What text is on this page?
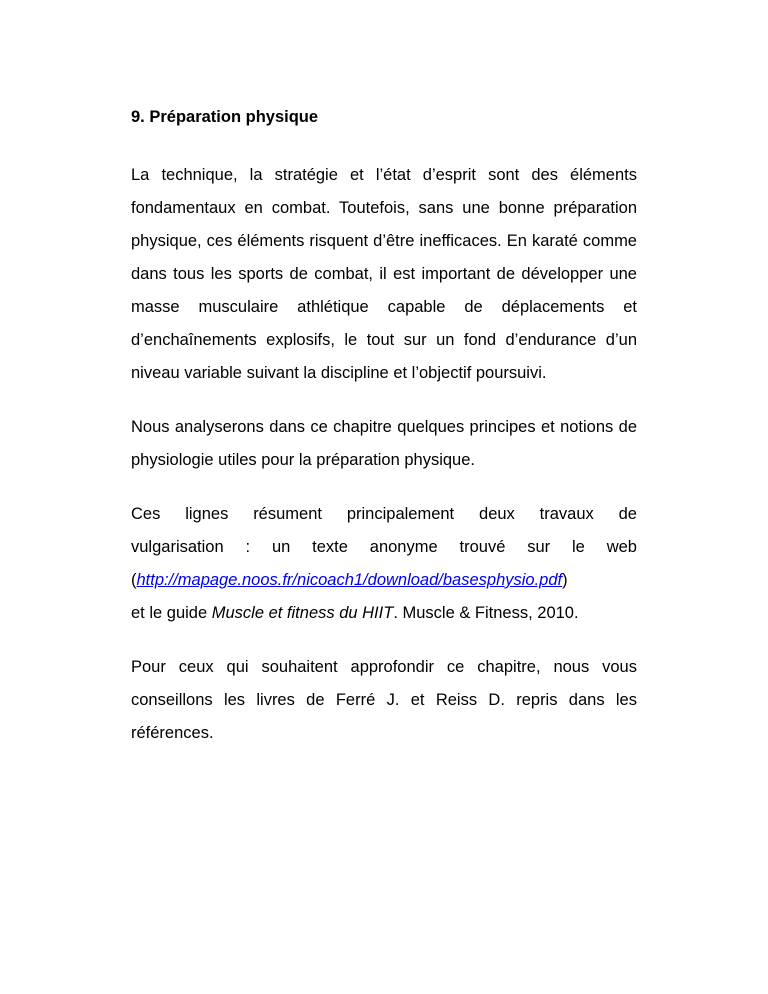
9. Préparation physique

La technique, la stratégie et l’état d’esprit sont des éléments fondamentaux en combat. Toutefois, sans une bonne préparation physique, ces éléments risquent d’être inefficaces. En karaté comme dans tous les sports de combat, il est important de développer une masse musculaire athlétique capable de déplacements et d’enchaînements explosifs, le tout sur un fond d’endurance d’un niveau variable suivant la discipline et l’objectif poursuivi.

Nous analyserons dans ce chapitre quelques principes et notions de physiologie utiles pour la préparation physique.

Ces lignes résument principalement deux travaux de
vulgarisation : un texte anonyme trouvé sur le web
(http://mapage.noos.fr/nicoach1/download/basesphysio.pdf)
et le guide Muscle et fitness du HIIT. Muscle & Fitness, 2010.

Pour ceux qui souhaitent approfondir ce chapitre, nous vous conseillons les livres de Ferré J. et Reiss D. repris dans les références.
